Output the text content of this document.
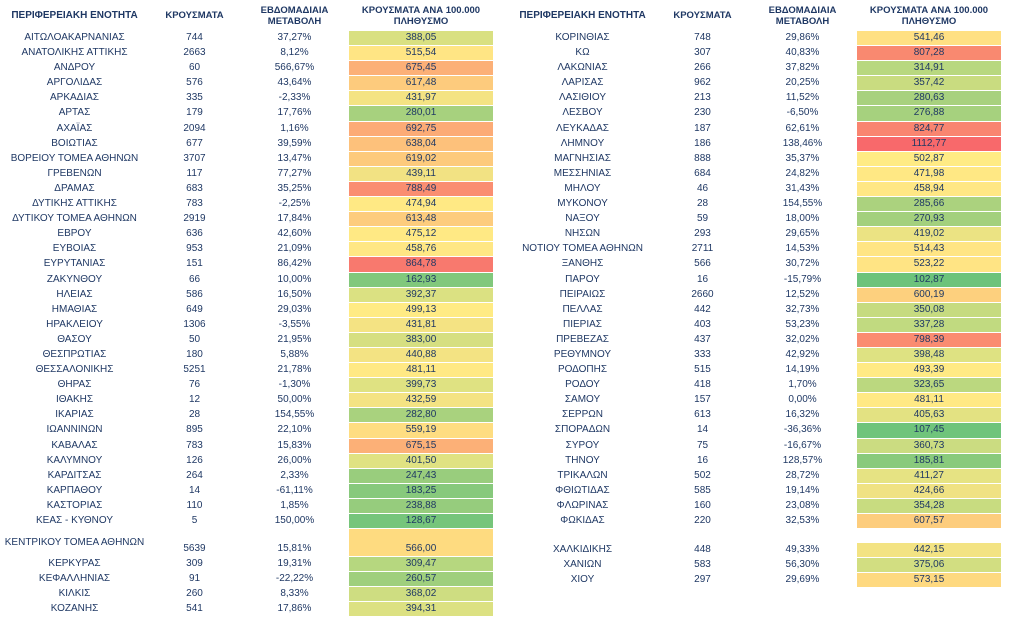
ΠΕΡΙΦΕΡΕΙΑΚΗ ΕΝΟΤΗΤΑ	ΚΡΟΥΣΜΑΤΑ	ΕΒΔΟΜΑΔΙΑΙΑ ΜΕΤΑΒΟΛΗ	ΚΡΟΥΣΜΑΤΑ ΑΝΑ 100.000 ΠΛΗΘΥΣΜΟ
ΑΙΤΩΛΟΑΚΑΡΝΑΝΙΑΣ	744	37,27%	388,05
ΑΝΑΤΟΛΙΚΗΣ ΑΤΤΙΚΗΣ	2663	8,12%	515,54
ΑΝΔΡΟΥ	60	566,67%	675,45
ΑΡΓΟΛΙΔΑΣ	576	43,64%	617,48
ΑΡΚΑΔΙΑΣ	335	-2,33%	431,97
ΑΡΤΑΣ	179	17,76%	280,01
ΑΧΑΪΑΣ	2094	1,16%	692,75
ΒΟΙΩΤΙΑΣ	677	39,59%	638,04
ΒΟΡΕΙΟΥ ΤΟΜΕΑ ΑΘΗΝΩΝ	3707	13,47%	619,02
ΓΡΕΒΕΝΩΝ	117	77,27%	439,11
ΔΡΑΜΑΣ	683	35,25%	788,49
ΔΥΤΙΚΗΣ ΑΤΤΙΚΗΣ	783	-2,25%	474,94
ΔΥΤΙΚΟΥ ΤΟΜΕΑ ΑΘΗΝΩΝ	2919	17,84%	613,48
ΕΒΡΟΥ	636	42,60%	475,12
ΕΥΒΟΙΑΣ	953	21,09%	458,76
ΕΥΡΥΤΑΝΙΑΣ	151	86,42%	864,78
ΖΑΚΥΝΘΟΥ	66	10,00%	162,93
ΗΛΕΙΑΣ	586	16,50%	392,37
ΗΜΑΘΙΑΣ	649	29,03%	499,13
ΗΡΑΚΛΕΙΟΥ	1306	-3,55%	431,81
ΘΑΣΟΥ	50	21,95%	383,00
ΘΕΣΠΡΩΤΙΑΣ	180	5,88%	440,88
ΘΕΣΣΑΛΟΝΙΚΗΣ	5251	21,78%	481,11
ΘΗΡΑΣ	76	-1,30%	399,73
ΙΘΑΚΗΣ	12	50,00%	432,59
ΙΚΑΡΙΑΣ	28	154,55%	282,80
ΙΩΑΝΝΙΝΩΝ	895	22,10%	559,19
ΚΑΒΑΛΑΣ	783	15,83%	675,15
ΚΑΛΥΜΝΟΥ	126	26,00%	401,50
ΚΑΡΔΙΤΣΑΣ	264	2,33%	247,43
ΚΑΡΠΑΘΟΥ	14	-61,11%	183,25
ΚΑΣΤΟΡΙΑΣ	110	1,85%	238,88
ΚΕΑΣ - ΚΥΘΝΟΥ	5	150,00%	128,67
ΚΕΝΤΡΙΚΟΥ ΤΟΜΕΑ ΑΘΗΝΩΝ	5639	15,81%	566,00
ΚΕΡΚΥΡΑΣ	309	19,31%	309,47
ΚΕΦΑΛΛΗΝΙΑΣ	91	-22,22%	260,57
ΚΙΛΚΙΣ	260	8,33%	368,02
ΚΟΖΑΝΗΣ	541	17,86%	394,31
ΠΕΡΙΦΕΡΕΙΑΚΗ ΕΝΟΤΗΤΑ	ΚΡΟΥΣΜΑΤΑ	ΕΒΔΟΜΑΔΙΑΙΑ ΜΕΤΑΒΟΛΗ	ΚΡΟΥΣΜΑΤΑ ΑΝΑ 100.000 ΠΛΗΘΥΣΜΟ
ΚΟΡΙΝΘΙΑΣ	748	29,86%	541,46
ΚΩ	307	40,83%	807,28
ΛΑΚΩΝΙΑΣ	266	37,82%	314,91
ΛΑΡΙΣΑΣ	962	20,25%	357,42
ΛΑΣΙΘΙΟΥ	213	11,52%	280,63
ΛΕΣΒΟΥ	230	-6,50%	276,88
ΛΕΥΚΑΔΑΣ	187	62,61%	824,77
ΛΗΜΝΟΥ	186	138,46%	1112,77
ΜΑΓΝΗΣΙΑΣ	888	35,37%	502,87
ΜΕΣΣΗΝΙΑΣ	684	24,82%	471,98
ΜΗΛΟΥ	46	31,43%	458,94
ΜΥΚΟΝΟΥ	28	154,55%	285,66
ΝΑΞΟΥ	59	18,00%	270,93
ΝΗΣΩΝ	293	29,65%	419,02
ΝΟΤΙΟΥ ΤΟΜΕΑ ΑΘΗΝΩΝ	2711	14,53%	514,43
ΞΑΝΘΗΣ	566	30,72%	523,22
ΠΑΡΟΥ	16	-15,79%	102,87
ΠΕΙΡΑΙΩΣ	2660	12,52%	600,19
ΠΕΛΛΑΣ	442	32,73%	350,08
ΠΙΕΡΙΑΣ	403	53,23%	337,28
ΠΡΕΒΕΖΑΣ	437	32,02%	798,39
ΡΕΘΥΜΝΟΥ	333	42,92%	398,48
ΡΟΔΟΠΗΣ	515	14,19%	493,39
ΡΟΔΟΥ	418	1,70%	323,65
ΣΑΜΟΥ	157	0,00%	481,11
ΣΕΡΡΩΝ	613	16,32%	405,63
ΣΠΟΡΑΔΩΝ	14	-36,36%	107,45
ΣΥΡΟΥ	75	-16,67%	360,73
ΤΗΝΟΥ	16	128,57%	185,81
ΤΡΙΚΑΛΩΝ	502	28,72%	411,27
ΦΘΙΩΤΙΔΑΣ	585	19,14%	424,66
ΦΛΩΡΙΝΑΣ	160	23,08%	354,28
ΦΩΚΙΔΑΣ	220	32,53%	607,57

ΧΑΛΚΙΔΙΚΗΣ	448	49,33%	442,15
ΧΑΝΙΩΝ	583	56,30%	375,06
ΧΙΟΥ	297	29,69%	573,15
